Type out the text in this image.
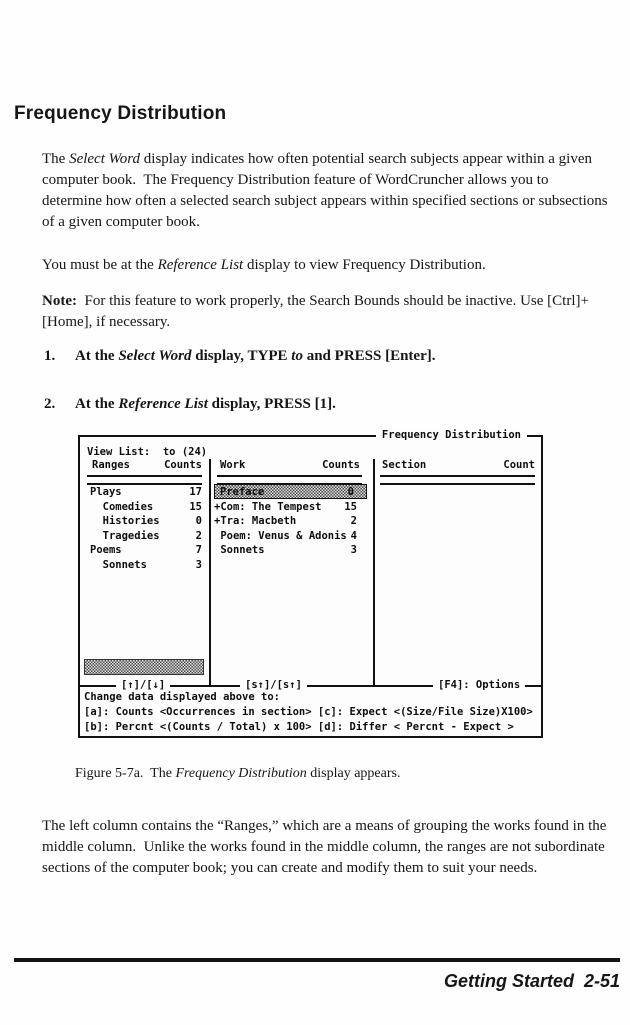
Frequency Distribution
The Select Word display indicates how often potential search subjects appear within a given computer book.  The Frequency Distribution feature of WordCruncher allows you to determine how often a selected search subject appears within specified sections or subsections of a given computer book.
You must be at the Reference List display to view Frequency Distribution.
Note:  For this feature to work properly, the Search Bounds should be inactive. Use [Ctrl]+[Home], if necessary.
1.	At the Select Word display, TYPE to and PRESS [Enter].
2.	At the Reference List display, PRESS [1].
Frequency Distribution
View List:  to (24)
Ranges	Counts Work	Counts Section	Count
Plays	17
Comedies	15
Histories	0
Tragedies	2
Poems	7
Sonnets	3
Preface	0
+Com: The Tempest 15
+Tra: Macbeth	2
Poem: Venus & Adonis 4
Sonnets	3
[↑]/[↓]	[s↑]/[s↑]	[F4]: Options
Change data displayed above to:
[a]: Counts <Occurrences in section> [c]: Expect <(Size/File Size)X100>
[b]: Percnt <(Counts / Total) x 100> [d]: Differ < Percnt - Expect >
Figure 5-7a.  The Frequency Distribution display appears.
The left column contains the “Ranges,” which are a means of grouping the works found in the middle column.  Unlike the works found in the middle column, the ranges are not subordinate sections of the computer book; you can create and modify them to suit your needs.
Getting Started  2-51
